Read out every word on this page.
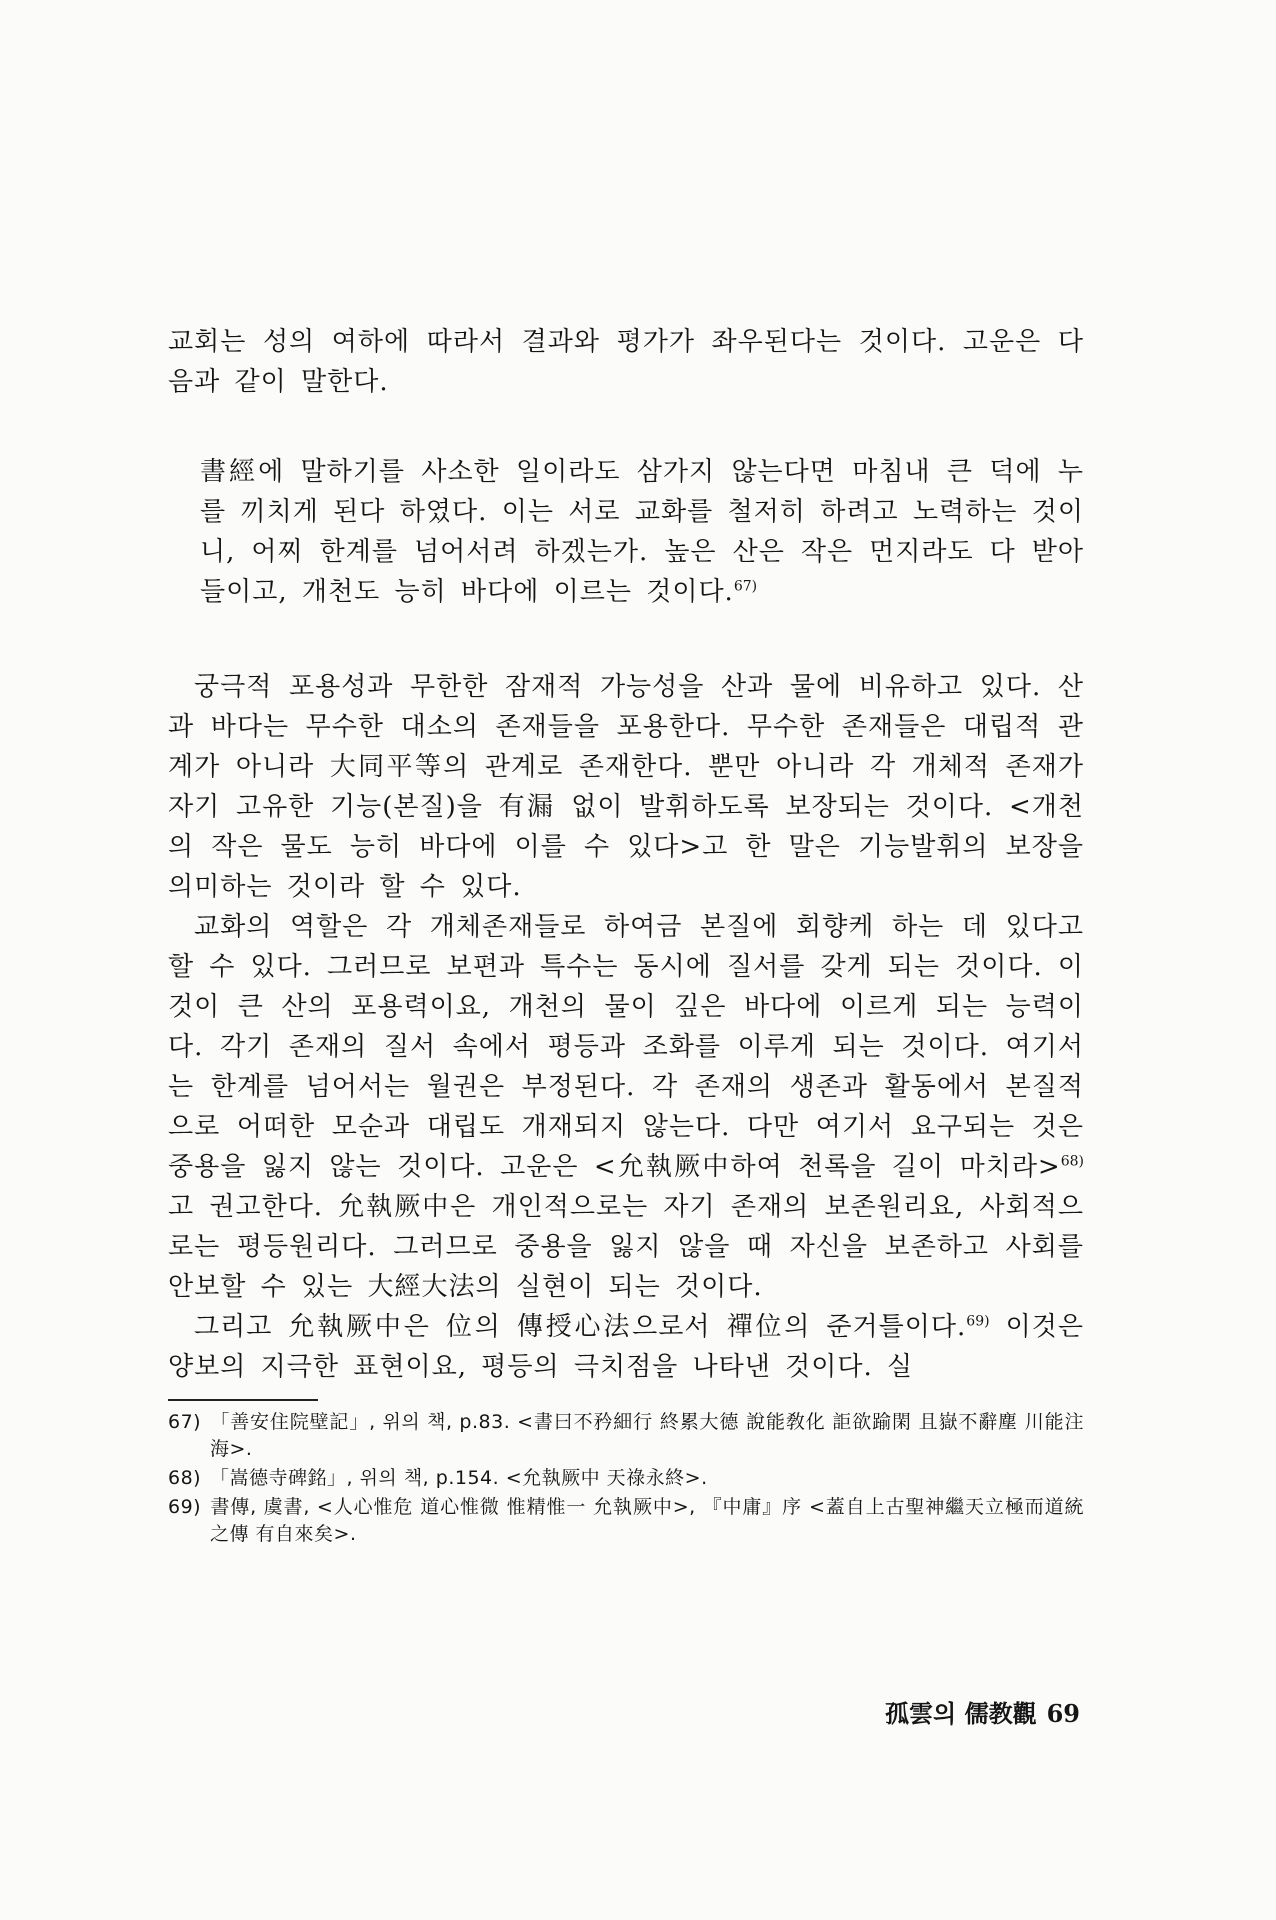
교회는 성의 여하에 따라서 결과와 평가가 좌우된다는 것이다. 고운은 다음과 같이 말한다.

書經에 말하기를 사소한 일이라도 삼가지 않는다면 마침내 큰 덕에 누를 끼치게 된다 하였다. 이는 서로 교화를 철저히 하려고 노력하는 것이니, 어찌 한계를 넘어서려 하겠는가. 높은 산은 작은 먼지라도 다 받아들이고, 개천도 능히 바다에 이르는 것이다.$^{67)}$

궁극적 포용성과 무한한 잠재적 가능성을 산과 물에 비유하고 있다. 산과 바다는 무수한 대소의 존재들을 포용한다. 무수한 존재들은 대립적 관계가 아니라 大同平等의 관계로 존재한다. 뿐만 아니라 각 개체적 존재가 자기 고유한 기능(본질)을 有漏 없이 발휘하도록 보장되는 것이다. <개천의 작은 물도 능히 바다에 이를 수 있다>고 한 말은 기능발휘의 보장을 의미하는 것이라 할 수 있다.

교화의 역할은 각 개체존재들로 하여금 본질에 회향케 하는 데 있다고 할 수 있다. 그러므로 보편과 특수는 동시에 질서를 갖게 되는 것이다. 이것이 큰 산의 포용력이요, 개천의 물이 깊은 바다에 이르게 되는 능력이다. 각기 존재의 질서 속에서 평등과 조화를 이루게 되는 것이다. 여기서는 한계를 넘어서는 월권은 부정된다. 각 존재의 생존과 활동에서 본질적으로 어떠한 모순과 대립도 개재되지 않는다. 다만 여기서 요구되는 것은 중용을 잃지 않는 것이다. 고운은 <允執厥中하여 천록을 길이 마치라>$^{68)}$고 권고한다. 允執厥中은 개인적으로는 자기 존재의 보존원리요, 사회적으로는 평등원리다. 그러므로 중용을 잃지 않을 때 자신을 보존하고 사회를 안보할 수 있는 大經大法의 실현이 되는 것이다.

그리고 允執厥中은 位의 傳授心法으로서 禪位의 준거틀이다.$^{69)}$ 이것은 양보의 지극한 표현이요, 평등의 극치점을 나타낸 것이다. 실

67) 「善安住院壁記」, 위의 책, p.83. <書曰不矜細行 終累大德 說能敎化 詎欲踰閑 且嶽不辭塵 川能注海>.

68) 「嵩德寺碑銘」, 위의 책, p.154. <允執厥中 天祿永終>.

69) 書傳, 虞書, <人心惟危 道心惟微 惟精惟一 允執厥中>, 『中庸』序 <蓋自上古聖神繼天立極而道統之傳 有自來矣>.

孤雲의 儒教觀 69
